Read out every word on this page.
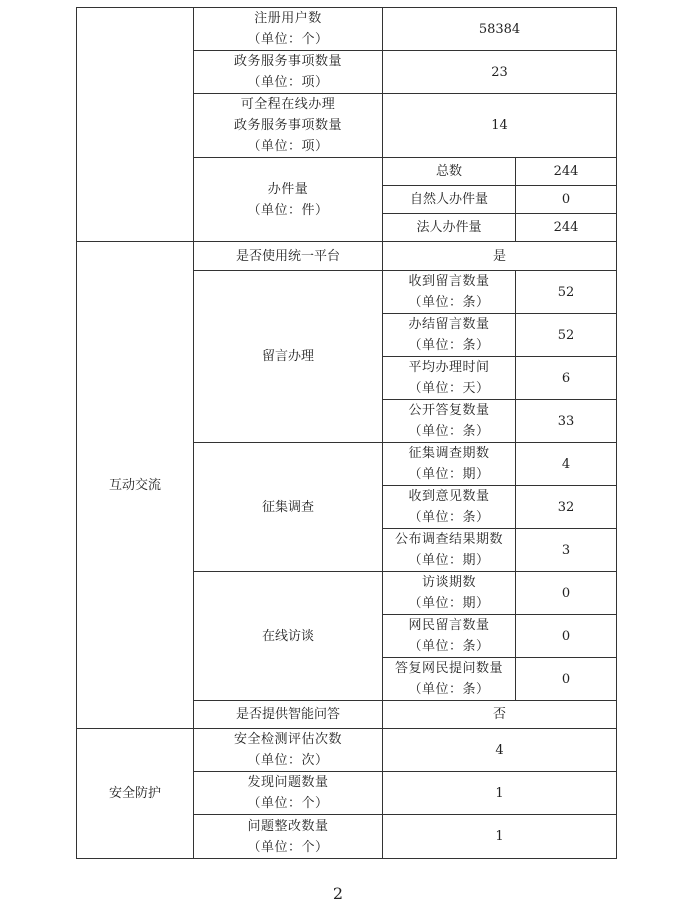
	注册用户数
（单位：个）	58384	

	政务服务事项数量
（单位：项）	23	

	可全程在线办理
政务服务事项数量
（单位：项）	14	

	办件量
（单位：件）	总数	244
		自然人办件量	0
		法人办件量	244

互动交流	是否使用统一平台	是	
	留言办理	收到留言数量
（单位：条）	52

		办结留言数量
（单位：条）	52

		平均办理时间
（单位：天）	6

		公开答复数量
（单位：条）	33
	征集调查	征集调查期数
（单位：期）	4

		收到意见数量
（单位：条）	32

		公布调查结果期数
（单位：期）	3
	在线访谈	访谈期数
（单位：期）	0

		网民留言数量
（单位：条）	0

		答复网民提问数量
（单位：条）	0
	是否提供智能问答	否	
安全防护	安全检测评估次数
（单位：次）	4	

	发现问题数量
（单位：个）	1	

	问题整改数量
（单位：个）	1	
2
